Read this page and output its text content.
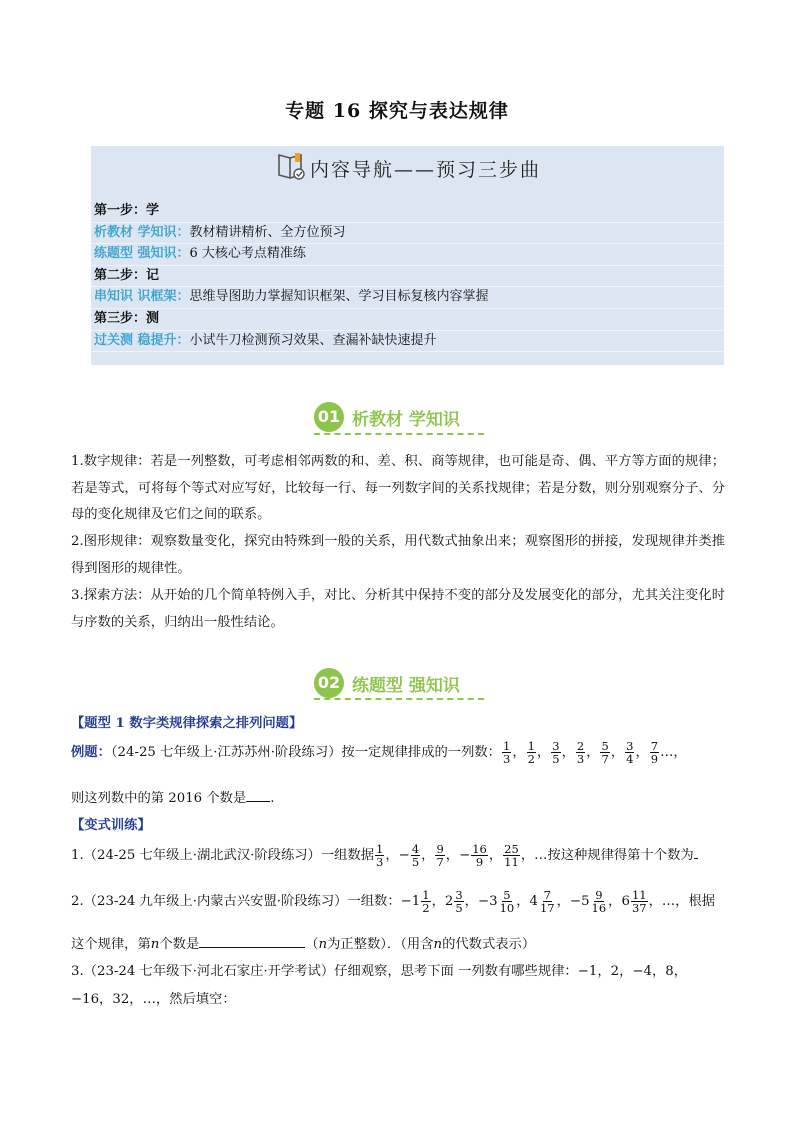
专题 16 探究与表达规律
内容导航——预习三步曲
第一步：学
析教材 学知识：教材精讲精析、全方位预习
练题型 强知识：6 大核心考点精准练
第二步：记
串知识 识框架：思维导图助力掌握知识框架、学习目标复核内容掌握
第三步：测
过关测 稳提升：小试牛刀检测预习效果、查漏补缺快速提升
01 析教材 学知识
1.数字规律：若是一列整数，可考虑相邻两数的和、差、积、商等规律，也可能是奇、偶、平方等方面的规律；若是等式，可将每个等式对应写好，比较每一行、每一列数字间的关系找规律；若是分数，则分别观察分子、分母的变化规律及它们之间的联系。
2.图形规律：观察数量变化，探究由特殊到一般的关系，用代数式抽象出来；观察图形的拼接，发现规律并类推得到图形的规律性。
3.探索方法：从开始的几个简单特例入手，对比、分析其中保持不变的部分及发展变化的部分，尤其关注变化时与序数的关系，归纳出一般性结论。
02 练题型 强知识
【题型 1 数字类规律探索之排列问题】
例题：（24-25 七年级上·江苏苏州·阶段练习）按一定规律排成的一列数： $\frac{1}{3}$ ， $\frac{1}{2}$ ， $\frac{3}{5}$ ， $\frac{2}{3}$ ， $\frac{5}{7}$ ， $\frac{3}{4}$ ， $\frac{7}{9}$ …，
则这列数中的第 2016 个数是 .
【变式训练】
1.（24-25 七年级上·湖北武汉·阶段练习）一组数据 $\frac{1}{3}$ ，− $\frac{4}{5}$ ， $\frac{9}{7}$ ，− $\frac{16}{9}$ ， $\frac{25}{11}$ ，…按这种规律得第十个数为
2.（23-24 九年级上·内蒙古兴安盟·阶段练习）一组数：$-1 \frac{1}{2}$ ，$2 \frac{3}{5}$ ，$-3 \frac{5}{10}$ ，$4 \frac{7}{17}$ ，$-5 \frac{9}{16}$ ，$6 \frac{11}{37}$ ，…，根据
这个规律，第n个数是	（n为正整数）．（用含n的代数式表示）
3.（23-24 七年级下·河北石家庄·开学考试）仔细观察，思考下面 一列数有哪些规律：−1，2，−4，8，
−16，32，…，然后填空：
